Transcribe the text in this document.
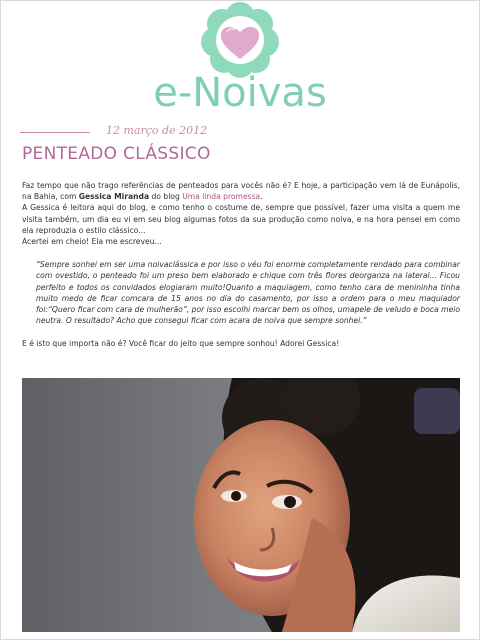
e-Noivas
12 março de 2012
PENTEADO CLÁSSICO

Faz tempo que não trago referências de penteados para vocês não é? E hoje, a participação vem lá de Eunápolis, na Bahia, com Gessica Miranda do blog Uma linda promessa.
A Gessica é leitora aqui do blog, e como tenho o costume de, sempre que possível, fazer uma visita a quem me visita também, um dia eu vi em seu blog algumas fotos da sua produção como noiva, e na hora pensei em como ela reproduzia o estilo clássico...
Acertei em cheio! Ela me escreveu...

“Sempre sonhei em ser uma noivaclássica e por isso o véu foi enorme completamente rendado para combinar com ovestido, o penteado foi um preso bem elaborado e chique com três flores deorganza na lateral... Ficou perfeito e todos os convidados elogiaram muito!Quanto a maquiagem, como tenho cara de menininha tinha muito medo de ficar comcara de 15 anos no dia do casamento, por isso a ordem para o meu maquiador foi:“Quero ficar com cara de mulherão”, por isso escolhi marcar bem os olhos, umapele de veludo e boca meio neutra. O resultado? Acho que consegui ficar com acara de noiva que sempre sonhei.”

E é isto que importa não é? Você ficar do jeito que sempre sonhou! Adorei Gessica!
